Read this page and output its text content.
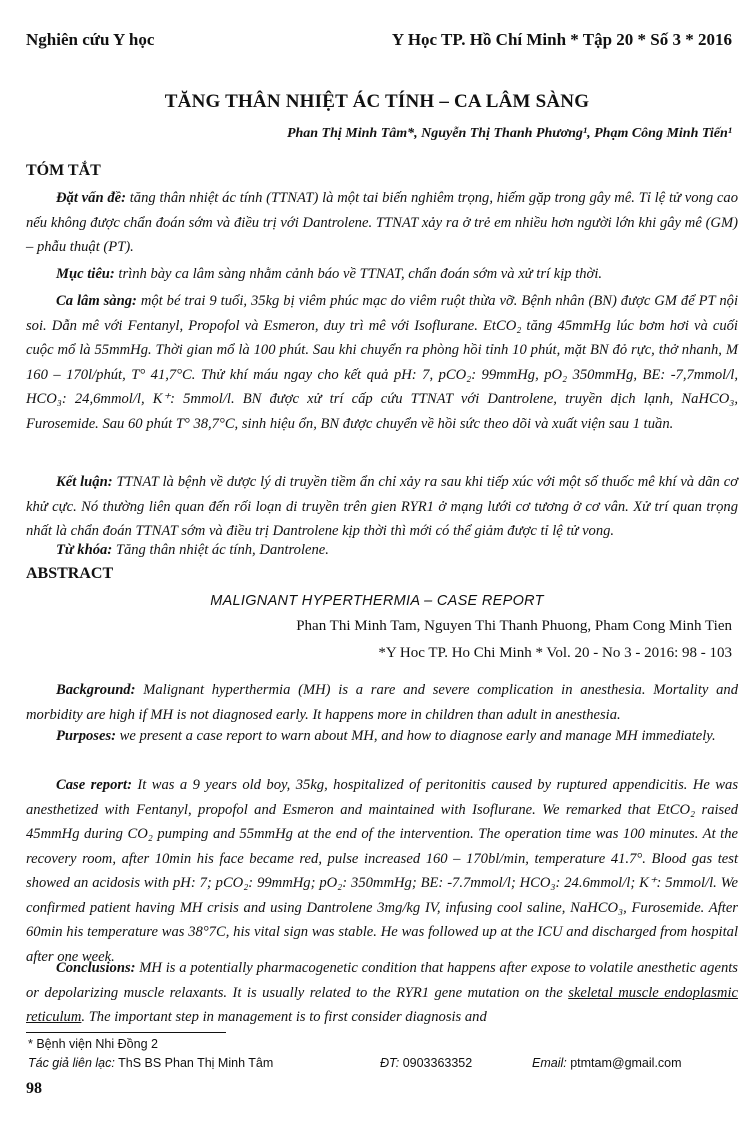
Nghiên cứu Y học	Y Học TP. Hồ Chí Minh * Tập 20 * Số 3 * 2016
TĂNG THÂN NHIỆT ÁC TÍNH – CA LÂM SÀNG
Phan Thị Minh Tâm*, Nguyễn Thị Thanh Phương¹, Phạm Công Minh Tiến¹
TÓM TẮT
Đặt vấn đề: tăng thân nhiệt ác tính (TTNAT) là một tai biến nghiêm trọng, hiếm gặp trong gây mê. Tỉ lệ tử vong cao nếu không được chẩn đoán sớm và điều trị với Dantrolene. TTNAT xảy ra ở trẻ em nhiều hơn người lớn khi gây mê (GM) – phẫu thuật (PT).
Mục tiêu: trình bày ca lâm sàng nhằm cảnh báo về TTNAT, chẩn đoán sớm và xử trí kịp thời.
Ca lâm sàng: một bé trai 9 tuổi, 35kg bị viêm phúc mạc do viêm ruột thừa vỡ. Bệnh nhân (BN) được GM để PT nội soi. Dẫn mê với Fentanyl, Propofol và Esmeron, duy trì mê với Isoflurane. EtCO₂ tăng 45mmHg lúc bơm hơi và cuối cuộc mổ là 55mmHg. Thời gian mổ là 100 phút. Sau khi chuyển ra phòng hồi tỉnh 10 phút, mặt BN đỏ rực, thở nhanh, M 160 – 170l/phút, T° 41,7°C. Thử khí máu ngay cho kết quả pH: 7, pCO₂: 99mmHg, pO₂ 350mmHg, BE: -7,7mmol/l, HCO₃: 24,6mmol/l, K⁺: 5mmol/l. BN được xử trí cấp cứu TTNAT với Dantrolene, truyền dịch lạnh, NaHCO₃, Furosemide. Sau 60 phút T° 38,7°C, sinh hiệu ổn, BN được chuyển về hồi sức theo dõi và xuất viện sau 1 tuần.
Kết luận: TTNAT là bệnh về dược lý di truyền tiềm ẩn chỉ xảy ra sau khi tiếp xúc với một số thuốc mê khí và dãn cơ khử cực. Nó thường liên quan đến rối loạn di truyền trên gien RYR1 ở mạng lưới cơ tương ở cơ vân. Xử trí quan trọng nhất là chẩn đoán TTNAT sớm và điều trị Dantrolene kịp thời thì mới có thể giảm được tỉ lệ tử vong.
Từ khóa: Tăng thân nhiệt ác tính, Dantrolene.
ABSTRACT
MALIGNANT HYPERTHERMIA – CASE REPORT
Phan Thi Minh Tam, Nguyen Thi Thanh Phuong, Pham Cong Minh Tien
*Y Hoc TP. Ho Chi Minh * Vol. 20 - No 3 - 2016: 98 - 103
Background: Malignant hyperthermia (MH) is a rare and severe complication in anesthesia. Mortality and morbidity are high if MH is not diagnosed early. It happens more in children than adult in anesthesia.
Purposes: we present a case report to warn about MH, and how to diagnose early and manage MH immediately.
Case report: It was a 9 years old boy, 35kg, hospitalized of peritonitis caused by ruptured appendicitis. He was anesthetized with Fentanyl, propofol and Esmeron and maintained with Isoflurane. We remarked that EtCO₂ raised 45mmHg during CO₂ pumping and 55mmHg at the end of the intervention. The operation time was 100 minutes. At the recovery room, after 10min his face became red, pulse increased 160 – 170bl/min, temperature 41.7°. Blood gas test showed an acidosis with pH: 7; pCO₂: 99mmHg; pO₂: 350mmHg; BE: -7.7mmol/l; HCO₃: 24.6mmol/l; K⁺: 5mmol/l. We confirmed patient having MH crisis and using Dantrolene 3mg/kg IV, infusing cool saline, NaHCO₃, Furosemide. After 60min his temperature was 38°7C, his vital sign was stable. He was followed up at the ICU and discharged from hospital after one week.
Conclusions: MH is a potentially pharmacogenetic condition that happens after expose to volatile anesthetic agents or depolarizing muscle relaxants. It is usually related to the RYR1 gene mutation on the skeletal muscle endoplasmic reticulum. The important step in management is to first consider diagnosis and
* Bệnh viện Nhi Đồng 2
Tác giả liên lạc: ThS BS Phan Thị Minh Tâm	ĐT: 0903363352	Email: ptmtam@gmail.com
98
